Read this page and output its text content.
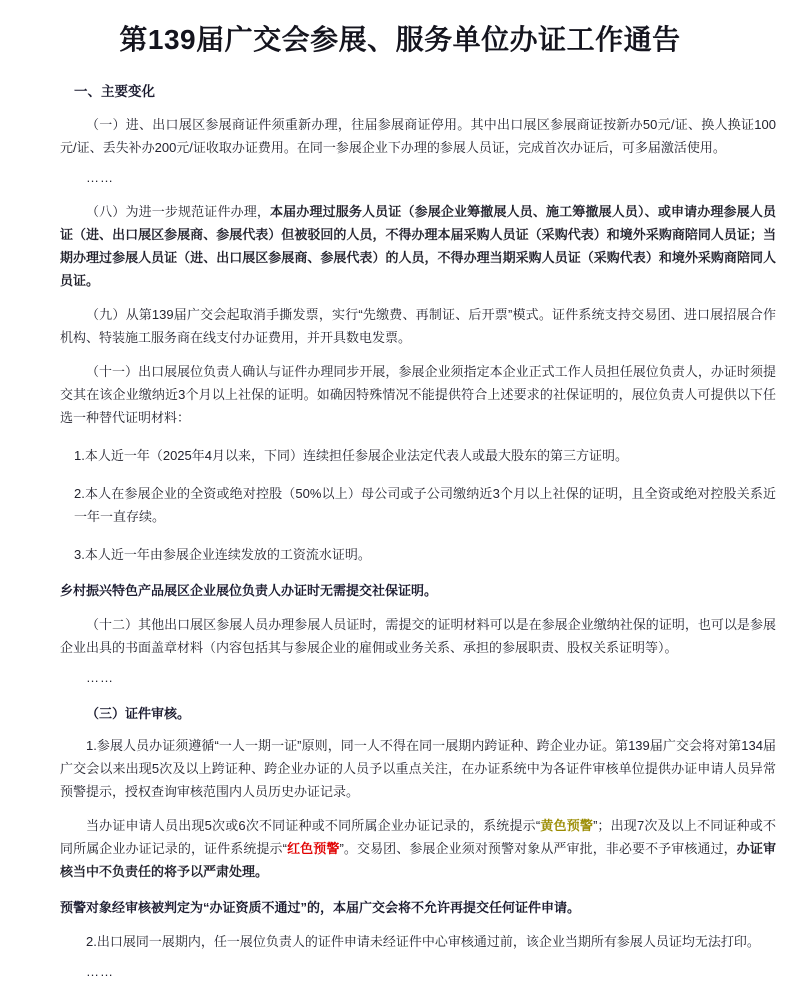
第139届广交会参展、服务单位办证工作通告
一、主要变化

（一）进、出口展区参展商证件须重新办理，往届参展商证停用。其中出口展区参展商证按新办50元/证、换人换证100元/证、丢失补办200元/证收取办证费用。在同一参展企业下办理的参展人员证，完成首次办证后，可多届激活使用。

……

（八）为进一步规范证件办理，本届办理过服务人员证（参展企业筹撤展人员、施工筹撤展人员）、或申请办理参展人员证（进、出口展区参展商、参展代表）但被驳回的人员，不得办理本届采购人员证（采购代表）和境外采购商陪同人员证；当期办理过参展人员证（进、出口展区参展商、参展代表）的人员，不得办理当期采购人员证（采购代表）和境外采购商陪同人员证。

（九）从第139届广交会起取消手撕发票，实行“先缴费、再制证、后开票”模式。证件系统支持交易团、进口展招展合作机构、特装施工服务商在线支付办证费用，并开具数电发票。

（十一）出口展展位负责人确认与证件办理同步开展，参展企业须指定本企业正式工作人员担任展位负责人，办证时须提交其在该企业缴纳近3个月以上社保的证明。如确因特殊情况不能提供符合上述要求的社保证明的，展位负责人可提供以下任选一种替代证明材料：

1.本人近一年（2025年4月以来，下同）连续担任参展企业法定代表人或最大股东的第三方证明。

2.本人在参展企业的全资或绝对控股（50%以上）母公司或子公司缴纳近3个月以上社保的证明，且全资或绝对控股关系近一年一直存续。

3.本人近一年由参展企业连续发放的工资流水证明。

乡村振兴特色产品展区企业展位负责人办证时无需提交社保证明。

（十二）其他出口展区参展人员办理参展人员证时，需提交的证明材料可以是在参展企业缴纳社保的证明，也可以是参展企业出具的书面盖章材料（内容包括其与参展企业的雇佣或业务关系、承担的参展职责、股权关系证明等）。

……

（三）证件审核。

1.参展人员办证须遵循“一人一期一证”原则，同一人不得在同一展期内跨证种、跨企业办证。第139届广交会将对第134届广交会以来出现5次及以上跨证种、跨企业办证的人员予以重点关注，在办证系统中为各证件审核单位提供办证申请人员异常预警提示，授权查询审核范围内人员历史办证记录。

当办证申请人员出现5次或6次不同证种或不同所属企业办证记录的，系统提示“黄色预警”；出现7次及以上不同证种或不同所属企业办证记录的，证件系统提示“红色预警”。交易团、参展企业须对预警对象从严审批，非必要不予审核通过，办证审核当中不负责任的将予以严肃处理。

预警对象经审核被判定为“办证资质不通过”的，本届广交会将不允许再提交任何证件申请。

2.出口展同一展期内，任一展位负责人的证件申请未经证件中心审核通过前，该企业当期所有参展人员证均无法打印。

……
